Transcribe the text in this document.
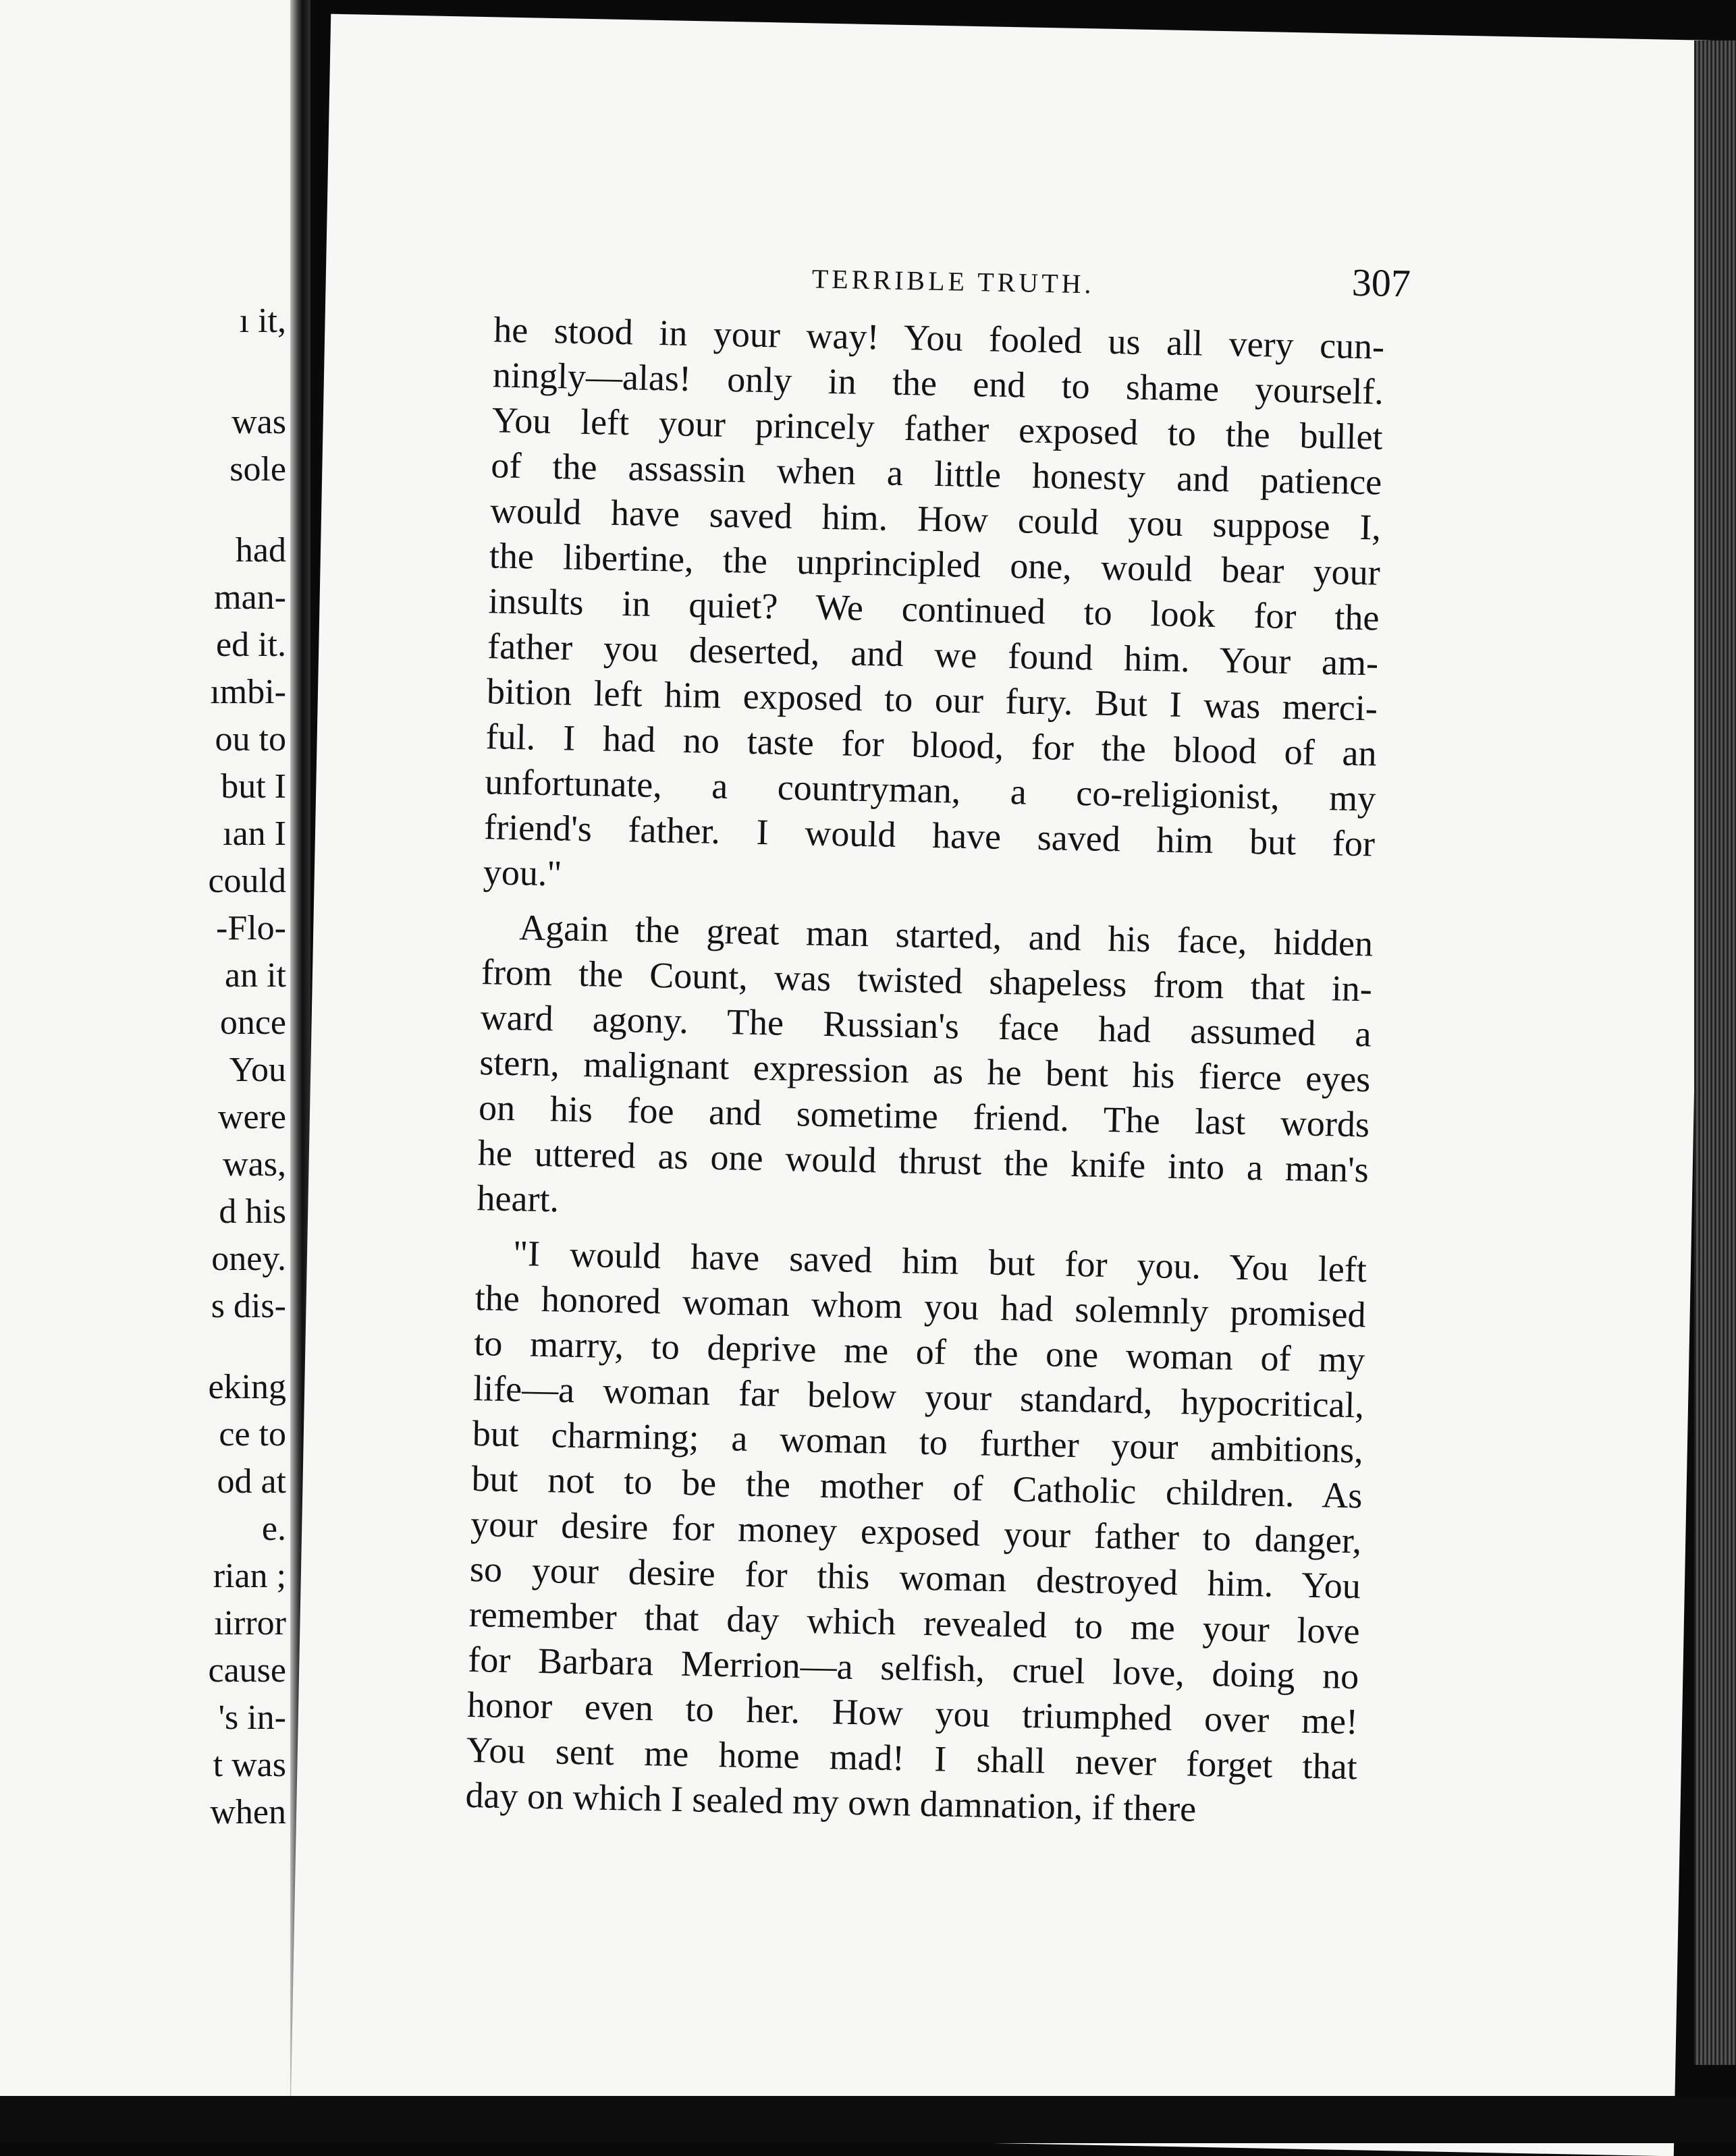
ı it,
was
sole
had
man-
ed it.
ımbi-
ou to
but I
ıan I
could
-Flo-
an it
once
You
were
was,
d his
oney.
s dis-
eking
ce to
od at
e.
rian ;
ıirror
cause
's in-
t was
when
TERRIBLE TRUTH.	307
he stood in your way! You fooled us all very cun-
ningly—alas! only in the end to shame yourself.
You left your princely father exposed to the bullet
of the assassin when a little honesty and patience
would have saved him. How could you suppose I,
the libertine, the unprincipled one, would bear your
insults in quiet? We continued to look for the
father you deserted, and we found him. Your am-
bition left him exposed to our fury. But I was merci-
ful. I had no taste for blood, for the blood of an
unfortunate, a countryman, a co-religionist, my
friend's father. I would have saved him but for
you."
Again the great man started, and his face, hidden
from the Count, was twisted shapeless from that in-
ward agony. The Russian's face had assumed a
stern, malignant expression as he bent his fierce eyes
on his foe and sometime friend. The last words
he uttered as one would thrust the knife into a man's
heart.
"I would have saved him but for you. You left
the honored woman whom you had solemnly promised
to marry, to deprive me of the one woman of my
life—a woman far below your standard, hypocritical,
but charming; a woman to further your ambitions,
but not to be the mother of Catholic children. As
your desire for money exposed your father to danger,
so your desire for this woman destroyed him. You
remember that day which revealed to me your love
for Barbara Merrion—a selfish, cruel love, doing no
honor even to her. How you triumphed over me!
You sent me home mad! I shall never forget that
day on which I sealed my own damnation, if there
